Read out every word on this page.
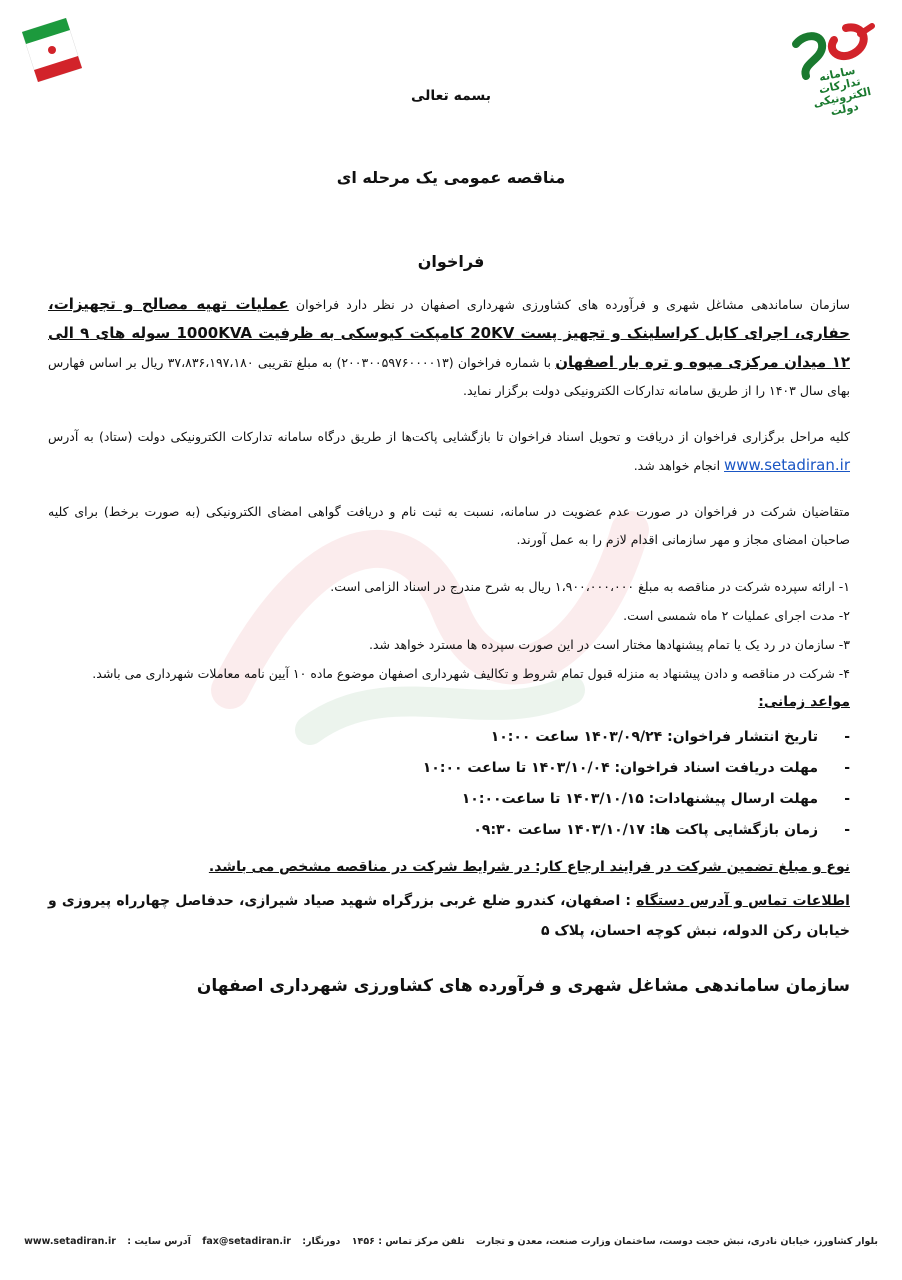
سامانه تدارکات الکترونیکی دولت
بسمه تعالی
مناقصه عمومی یک مرحله ای
فراخوان

سازمان ساماندهی مشاغل شهری و فرآورده های کشاورزی شهرداری اصفهان در نظر دارد فراخوان عملیات تهیه مصالح و تجهیزات، حفاری، اجرای کابل کراسلینک و تجهیز پست 20KV کامپکت کیوسکی به ظرفیت 1000KVA سوله های ۹ الی ۱۲ میدان مرکزی میوه و تره بار اصفهان با شماره فراخوان (۲۰۰۳۰۰۵۹۷۶۰۰۰۰۱۳) به مبلغ تقریبی ۳۷،۸۳۶،۱۹۷،۱۸۰ ریال بر اساس فهارس بهای سال ۱۴۰۳ را از طریق سامانه تدارکات الکترونیکی دولت برگزار نماید.

کلیه مراحل برگزاری فراخوان از دریافت و تحویل اسناد فراخوان تا بازگشایی پاکت‌ها از طریق درگاه سامانه تدارکات الکترونیکی دولت (ستاد) به آدرس www.setadiran.ir انجام خواهد شد.

متقاضیان شرکت در فراخوان در صورت عدم عضویت در سامانه، نسبت به ثبت نام و دریافت گواهی امضای الکترونیکی (به صورت برخط) برای کلیه صاحبان امضای مجاز و مهر سازمانی اقدام لازم را به عمل آورند.

۱- ارائه سپرده شرکت در مناقصه به مبلغ ۱،۹۰۰،۰۰۰،۰۰۰ ریال به شرح مندرج در اسناد الزامی است.
۲- مدت اجرای عملیات ۲ ماه شمسی است.
۳- سازمان در رد یک یا تمام پیشنهادها مختار است در این صورت سپرده ها مسترد خواهد شد.
۴- شرکت در مناقصه و دادن پیشنهاد به منزله قبول تمام شروط و تکالیف شهرداری اصفهان موضوع ماده ۱۰ آیین نامه معاملات شهرداری می باشد.
مواعد زمانی:
- تاریخ انتشار فراخوان: ۱۴۰۳/۰۹/۲۴ ساعت ۱۰:۰۰
- مهلت دریافت اسناد فراخوان: ۱۴۰۳/۱۰/۰۴ تا ساعت ۱۰:۰۰
- مهلت ارسال پیشنهادات: ۱۴۰۳/۱۰/۱۵ تا ساعت۱۰:۰۰
- زمان بازگشایی پاکت ها: ۱۴۰۳/۱۰/۱۷ ساعت ۰۹:۳۰
نوع و مبلغ تضمین شرکت در فرایند ارجاع کار: در شرایط شرکت در مناقصه مشخص می باشد.
اطلاعات تماس و آدرس دستگاه : اصفهان، کندرو ضلع غربی بزرگراه شهید صیاد شیرازی، حدفاصل چهارراه پیروزی و خیابان رکن الدوله، نبش کوچه احسان، پلاک ۵
سازمان ساماندهی مشاغل شهری و فرآورده های کشاورزی شهرداری اصفهان
بلوار کشاورز، خیابان نادری، نبش حجت دوست، ساختمان وزارت صنعت، معدن و تجارت تلفن مرکز تماس : ۱۴۵۶ دورنگار: fax@setadiran.ir آدرس سایت : www.setadiran.ir
